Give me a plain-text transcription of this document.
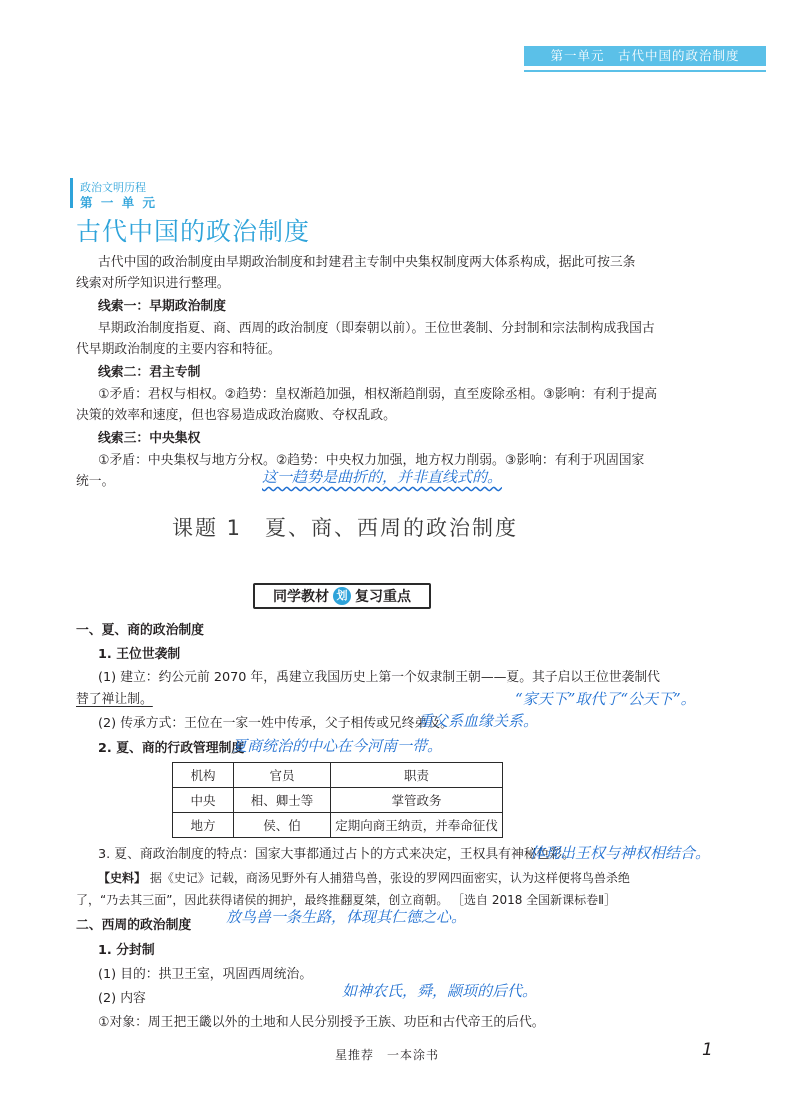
第一单元　古代中国的政治制度
政治文明历程
第 一 单 元
古代中国的政治制度
古代中国的政治制度由早期政治制度和封建君主专制中央集权制度两大体系构成，据此可按三条
线索对所学知识进行整理。
线索一：早期政治制度
早期政治制度指夏、商、西周的政治制度（即秦朝以前）。王位世袭制、分封制和宗法制构成我国古
代早期政治制度的主要内容和特征。
线索二：君主专制
①矛盾：君权与相权。②趋势：皇权渐趋加强，相权渐趋削弱，直至废除丞相。③影响：有利于提高
决策的效率和速度，但也容易造成政治腐败、夺权乱政。
线索三：中央集权
①矛盾：中央集权与地方分权。②趋势：中央权力加强，地方权力削弱。③影响：有利于巩固国家
统一。	这一趋势是曲折的，并非直线式的。
课题 1　夏、商、西周的政治制度
同学教材 划 复习重点
一、夏、商的政治制度
1. 王位世袭制
(1) 建立：约公元前 2070 年，禹建立我国历史上第一个奴隶制王朝——夏。其子启以王位世袭制代
替了禅让制。	“家天下”取代了“公天下”。
(2) 传承方式：王位在一家一姓中传承，父子相传或兄终弟及。
重父系血缘关系。
2. 夏、商的行政管理制度
夏商统治的中心在今河南一带。
机构	官员	职责
中央	相、卿士等	掌管政务
地方	侯、伯	定期向商王纳贡，并奉命征伐
3. 夏、商政治制度的特点：国家大事都通过占卜的方式来决定，王权具有神秘色彩。
体现出王权与神权相结合。
【史料】 据《史记》记载，商汤见野外有人捕猎鸟兽，张设的罗网四面密实，认为这样便将鸟兽杀绝
了，“乃去其三面”，因此获得诸侯的拥护，最终推翻夏桀，创立商朝。 ［选自 2018 全国新课标卷Ⅱ］
放鸟兽一条生路，体现其仁德之心。
二、西周的政治制度
1. 分封制
(1) 目的：拱卫王室，巩固西周统治。
(2) 内容	如神农氏，舜，颛顼的后代。
①对象：周王把王畿以外的土地和人民分别授予王族、功臣和古代帝王的后代。
星推荐　一本涂书	1
